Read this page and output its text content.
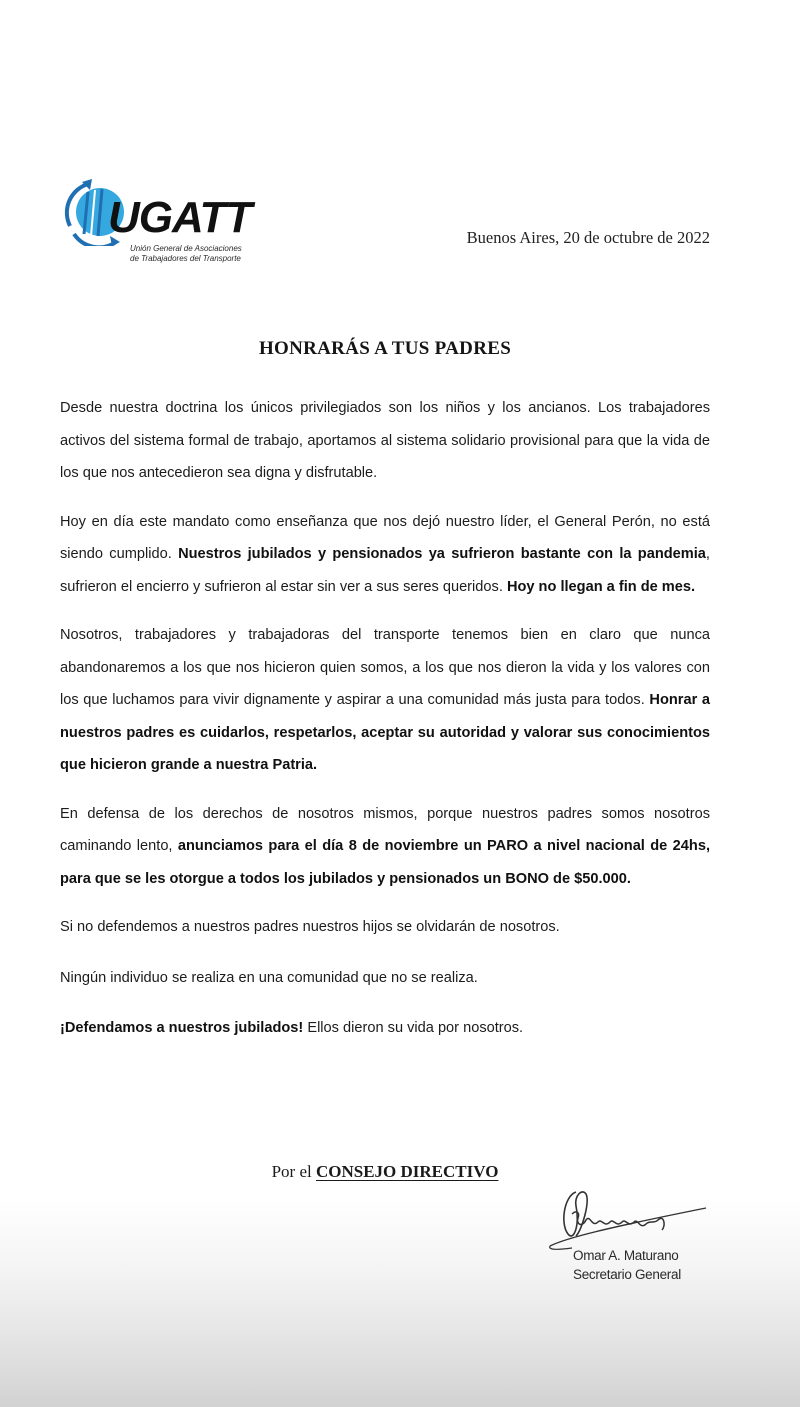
UGATT
Unión General de Asociaciones
de Trabajadores del Transporte
Buenos Aires, 20 de octubre de 2022
HONRARÁS A TUS PADRES

Desde nuestra doctrina los únicos privilegiados son los niños y los ancianos. Los trabajadores activos del sistema formal de trabajo, aportamos al sistema solidario provisional para que la vida de los que nos antecedieron sea digna y disfrutable.

Hoy en día este mandato como enseñanza que nos dejó nuestro líder, el General Perón, no está siendo cumplido. Nuestros jubilados y pensionados ya sufrieron bastante con la pandemia, sufrieron el encierro y sufrieron al estar sin ver a sus seres queridos. Hoy no llegan a fin de mes.

Nosotros, trabajadores y trabajadoras del transporte tenemos bien en claro que nunca abandonaremos a los que nos hicieron quien somos, a los que nos dieron la vida y los valores con los que luchamos para vivir dignamente y aspirar a una comunidad más justa para todos. Honrar a nuestros padres es cuidarlos, respetarlos, aceptar su autoridad y valorar sus conocimientos que hicieron grande a nuestra Patria.

En defensa de los derechos de nosotros mismos, porque nuestros padres somos nosotros caminando lento, anunciamos para el día 8 de noviembre un PARO a nivel nacional de 24hs, para que se les otorgue a todos los jubilados y pensionados un BONO de $50.000.

Si no defendemos a nuestros padres nuestros hijos se olvidarán de nosotros.

Ningún individuo se realiza en una comunidad que no se realiza.

¡Defendamos a nuestros jubilados! Ellos dieron su vida por nosotros.

Por el CONSEJO DIRECTIVO
Omar A. Maturano
Secretario General
